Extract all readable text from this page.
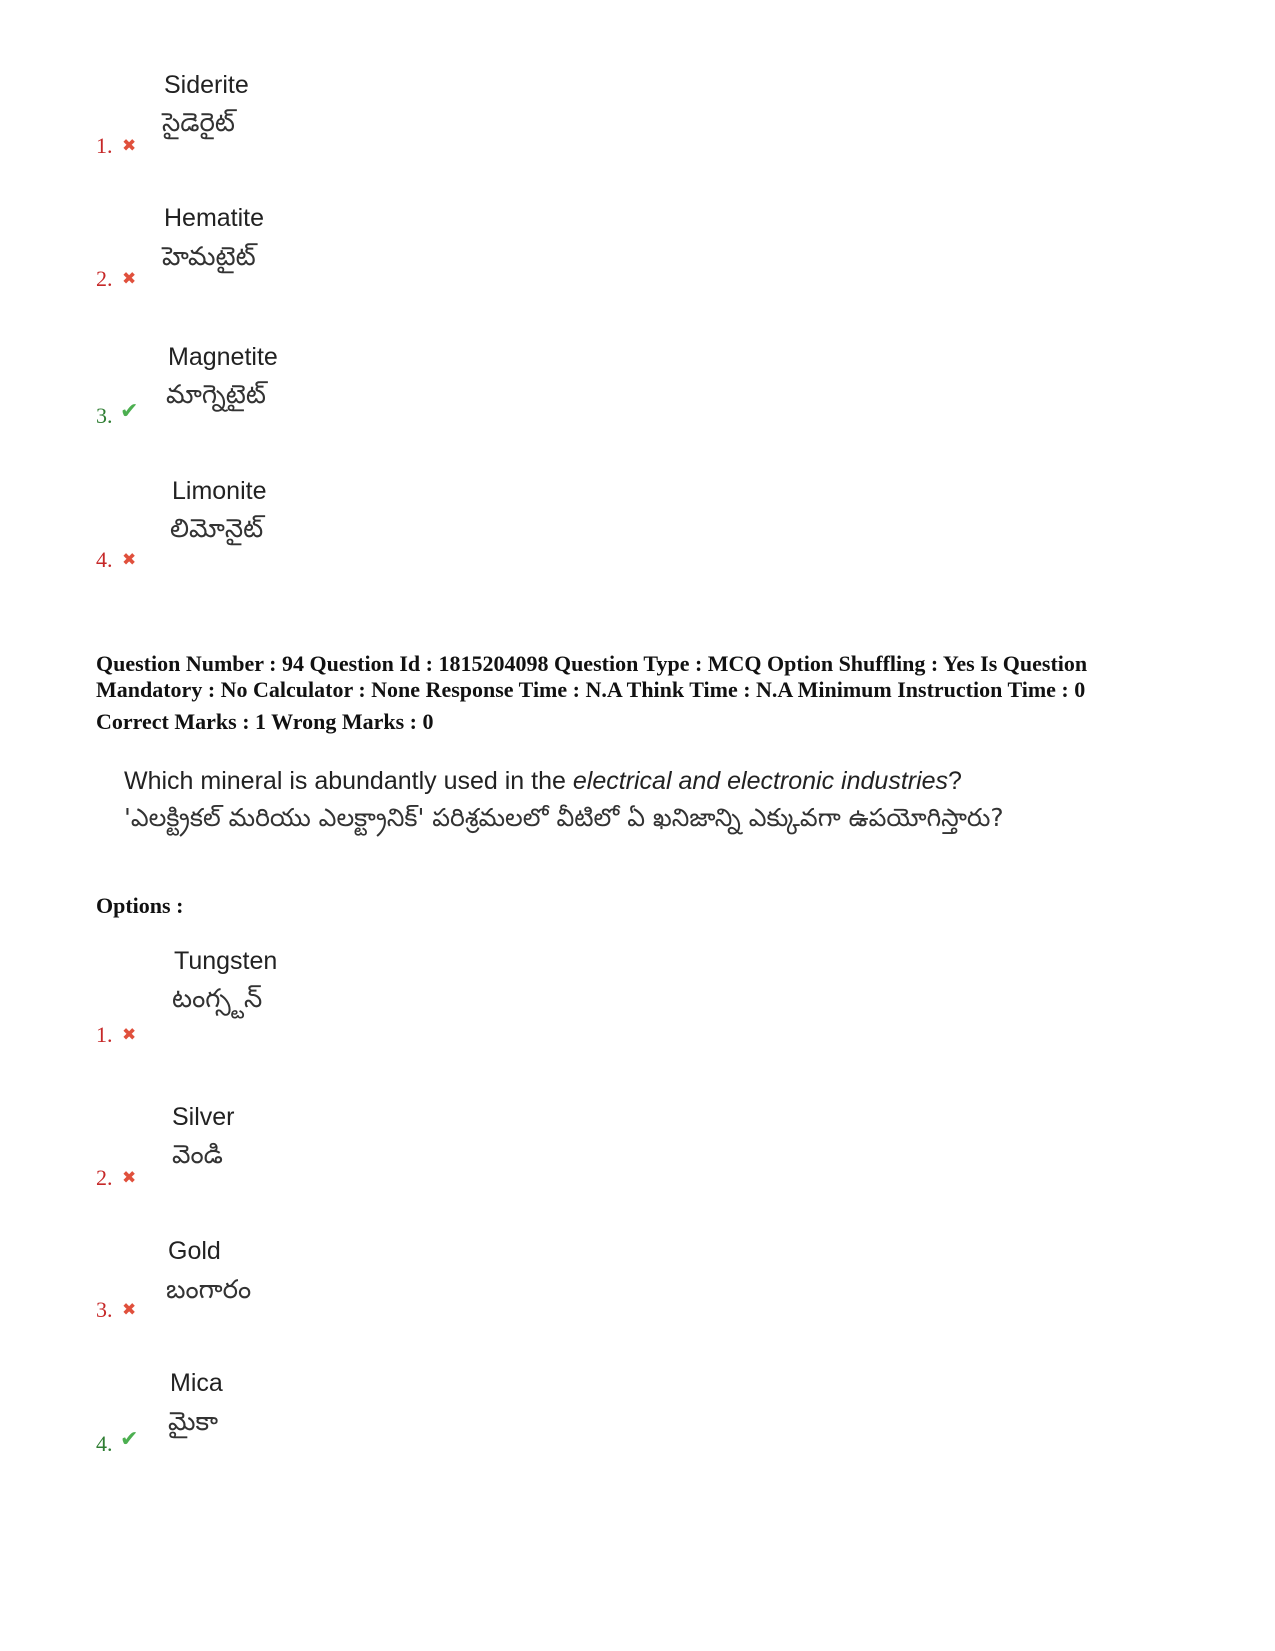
Siderite
సైడెరైట్
1. ✖
Hematite
హెమటైట్
2. ✖
Magnetite
మాగ్నెటైట్
3. ✔
Limonite
లిమోనైట్
4. ✖
Question Number : 94 Question Id : 1815204098 Question Type : MCQ Option Shuffling : Yes Is Question
Mandatory : No Calculator : None Response Time : N.A Think Time : N.A Minimum Instruction Time : 0
Correct Marks : 1 Wrong Marks : 0
Which mineral is abundantly used in the electrical and electronic industries?
'ఎలక్ట్రికల్ మరియు ఎలక్ట్రానిక్' పరిశ్రమలలో వీటిలో ఏ ఖనిజాన్ని ఎక్కువగా ఉపయోగిస్తారు?
Options :
Tungsten
టంగ్స్టన్
1. ✖
Silver
వెండి
2. ✖
Gold
బంగారం
3. ✖
Mica
మైకా
4. ✔
